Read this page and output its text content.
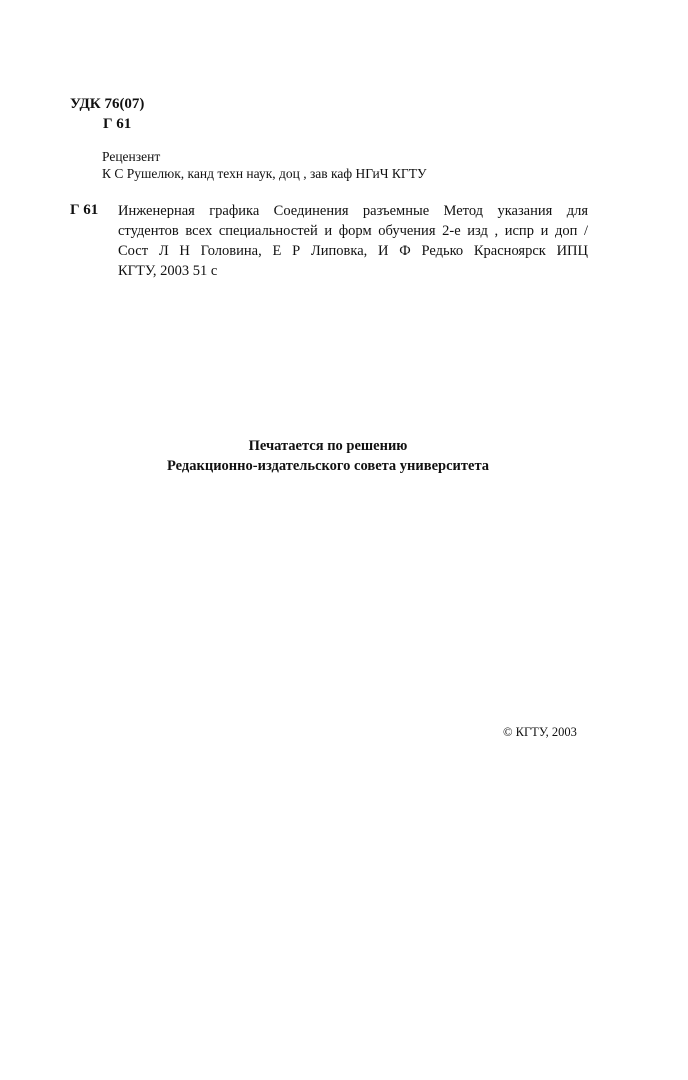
УДК 76(07)
Г 61
Рецензент
К С Рушелюк, канд техн наук, доц , зав каф НГиЧ КГТУ
Г 61 Инженерная графика Соединения разъемные Метод указания для
студентов всех специальностей и форм обучения 2-е изд , испр и доп /
Сост Л Н Головина, Е Р Липовка, И Ф Редько Красноярск ИПЦ
КГТУ, 2003 51 с
Печатается по решению
Редакционно-издательского совета университета
© КГТУ, 2003
